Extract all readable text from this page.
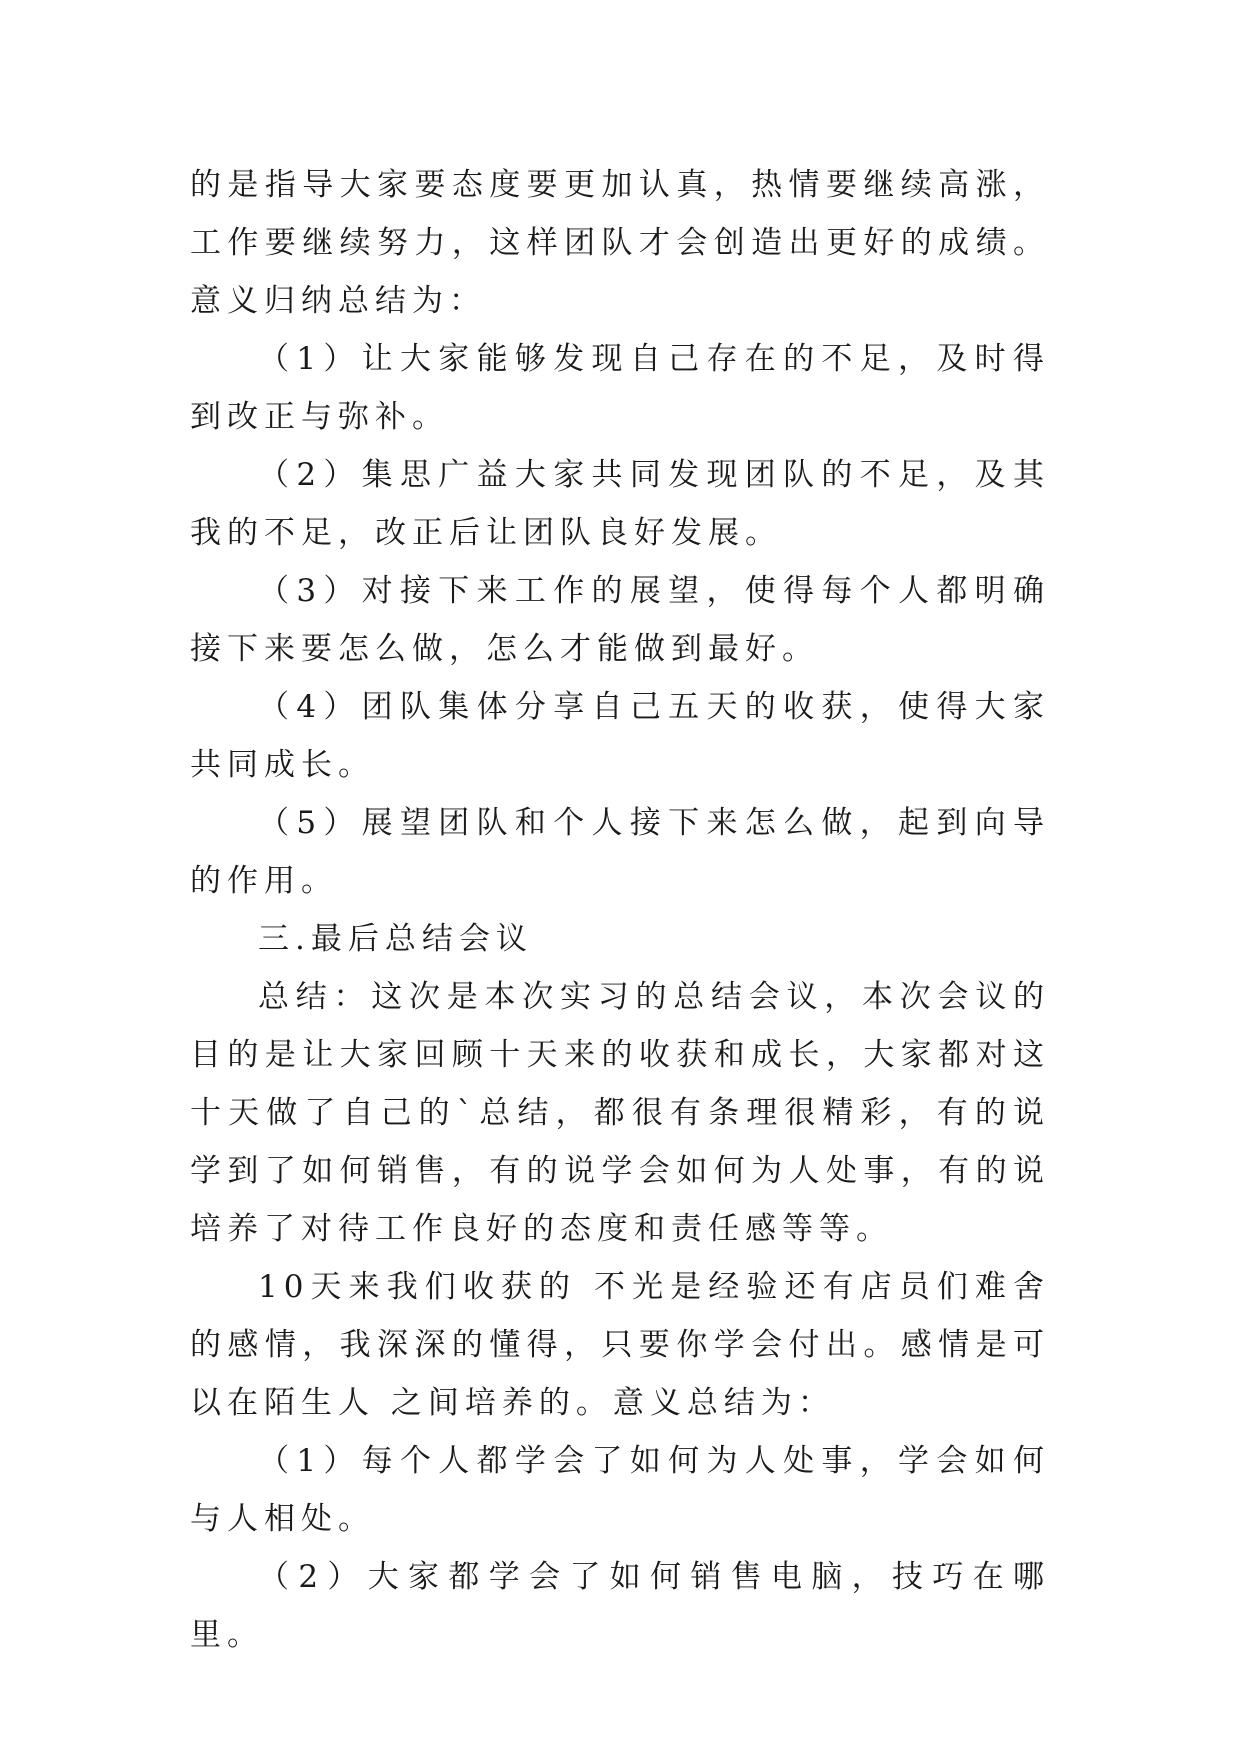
的是指导大家要态度要更加认真，热情要继续高涨，工作要继续努力，这样团队才会创造出更好的成绩。意义归纳总结为：

（1）让大家能够发现自己存在的不足，及时得到改正与弥补。

（2）集思广益大家共同发现团队的不足，及其我的不足，改正后让团队良好发展。

（3）对接下来工作的展望，使得每个人都明确接下来要怎么做，怎么才能做到最好。

（4）团队集体分享自己五天的收获，使得大家共同成长。

（5）展望团队和个人接下来怎么做，起到向导的作用。

三.最后总结会议

总结：这次是本次实习的总结会议，本次会议的目的是让大家回顾十天来的收获和成长，大家都对这十天做了自己的`总结，都很有条理很精彩，有的说学到了如何销售，有的说学会如何为人处事，有的说培养了对待工作良好的态度和责任感等等。

10天来我们收获的 不光是经验还有店员们难舍的感情，我深深的懂得，只要你学会付出。感情是可以在陌生人 之间培养的。意义总结为：

（1）每个人都学会了如何为人处事，学会如何与人相处。

（2）大家都学会了如何销售电脑，技巧在哪里。
